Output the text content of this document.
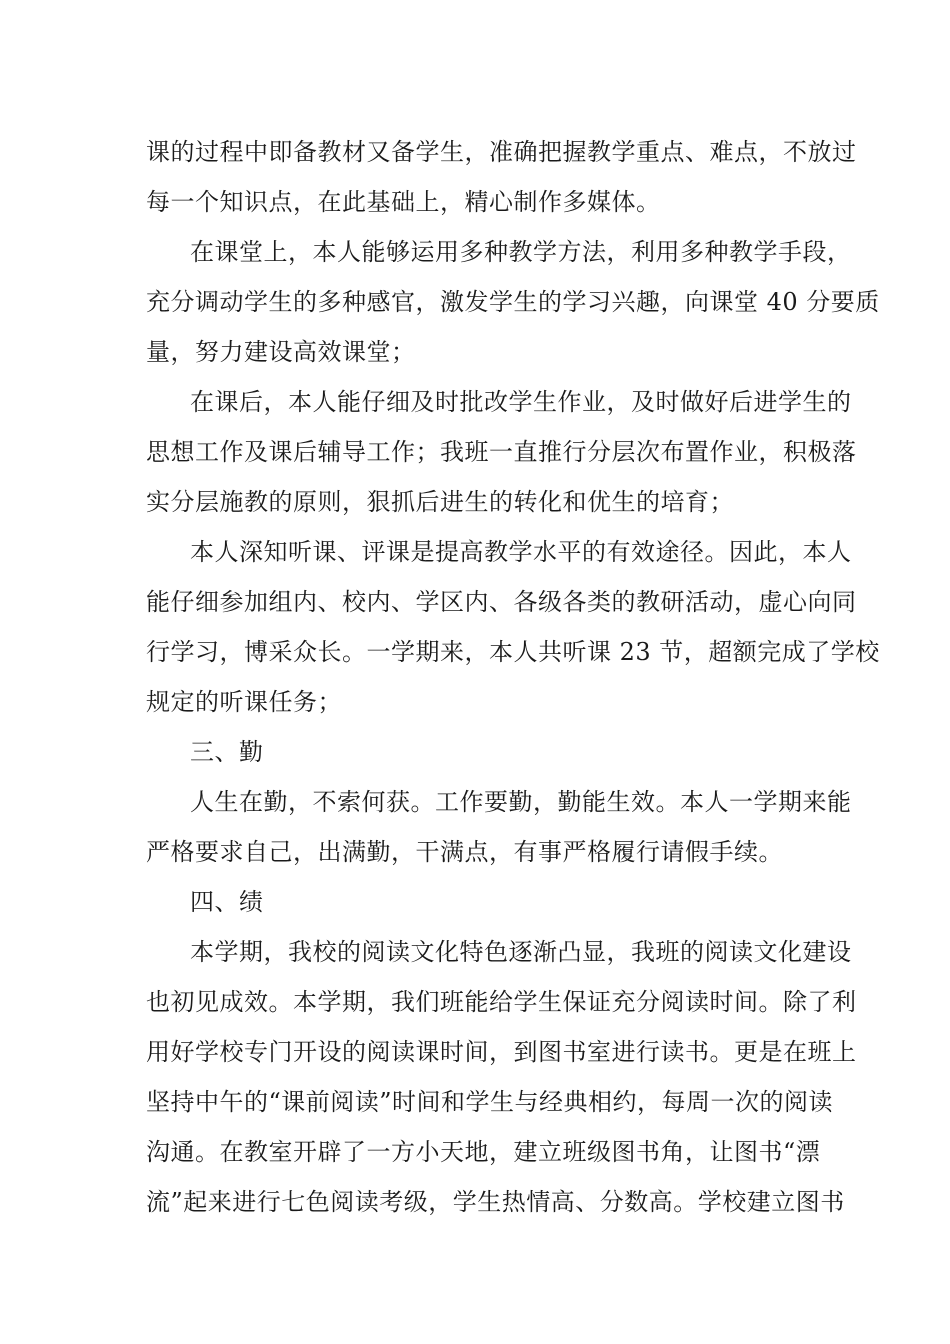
课的过程中即备教材又备学生，准确把握教学重点、难点，不放过
每一个知识点，在此基础上，精心制作多媒体。
在课堂上，本人能够运用多种教学方法，利用多种教学手段，
充分调动学生的多种感官，激发学生的学习兴趣，向课堂 40 分要质
量，努力建设高效课堂；
在课后，本人能仔细及时批改学生作业，及时做好后进学生的
思想工作及课后辅导工作；我班一直推行分层次布置作业，积极落
实分层施教的原则，狠抓后进生的转化和优生的培育；
本人深知听课、评课是提高教学水平的有效途径。因此，本人
能仔细参加组内、校内、学区内、各级各类的教研活动，虚心向同
行学习，博采众长。一学期来，本人共听课 23 节，超额完成了学校
规定的听课任务；
三、勤
人生在勤，不索何获。工作要勤，勤能生效。本人一学期来能
严格要求自己，出满勤，干满点，有事严格履行请假手续。
四、绩
本学期，我校的阅读文化特色逐渐凸显，我班的阅读文化建设
也初见成效。本学期，我们班能给学生保证充分阅读时间。除了利
用好学校专门开设的阅读课时间，到图书室进行读书。更是在班上
坚持中午的“课前阅读”时间和学生与经典相约，每周一次的阅读
沟通。在教室开辟了一方小天地，建立班级图书角，让图书“漂
流”起来进行七色阅读考级，学生热情高、分数高。学校建立图书
